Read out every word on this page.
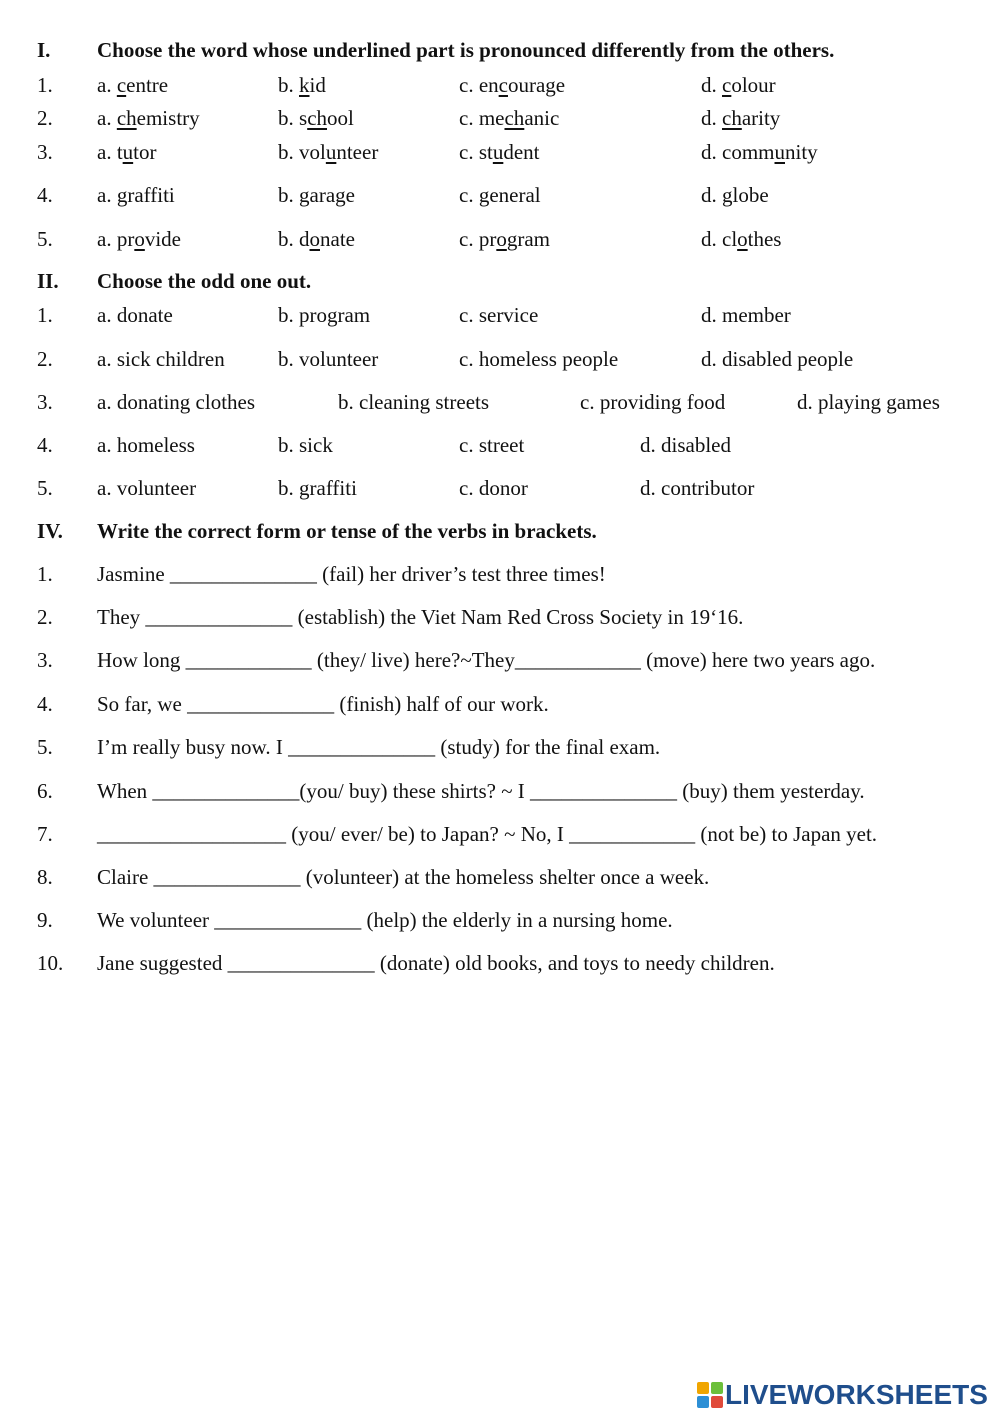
I. Choose the word whose underlined part is pronounced differently from the others.
1. a. centre	b. kid	c. encourage	d. colour
2. a. chemistry	b. school	c. mechanic	d. charity
3. a. tutor	b. volunteer	c. student	d. community
4. a. graffiti	b. garage	c. general	d. globe
5. a. provide	b. donate	c. program	d. clothes
II. Choose the odd one out.
1. a. donate	b. program	c. service	d. member
2. a. sick children	b. volunteer	c. homeless people	d. disabled people
3. a. donating clothes	b. cleaning streets	c. providing food	d. playing games
4. a. homeless	b. sick	c. street	d. disabled
5. a. volunteer	b. graffiti	c. donor	d. contributor
IV. Write the correct form or tense of the verbs in brackets.
1. Jasmine ______________ (fail) her driver’s test three times!
2. They ______________ (establish) the Viet Nam Red Cross Society in 19‘16.
3. How long ____________ (they/ live) here?~They____________ (move) here two years ago.
4. So far, we ______________ (finish) half of our work.
5. I’m really busy now. I ______________ (study) for the final exam.
6. When ______________(you/ buy) these shirts? ~ I ______________ (buy) them yesterday.
7. __________________ (you/ ever/ be) to Japan? ~ No, I ____________ (not be) to Japan yet.
8. Claire ______________ (volunteer) at the homeless shelter once a week.
9. We volunteer ______________ (help) the elderly in a nursing home.
10. Jane suggested ______________ (donate) old books, and toys to needy children.
LIVEWORKSHEETS
